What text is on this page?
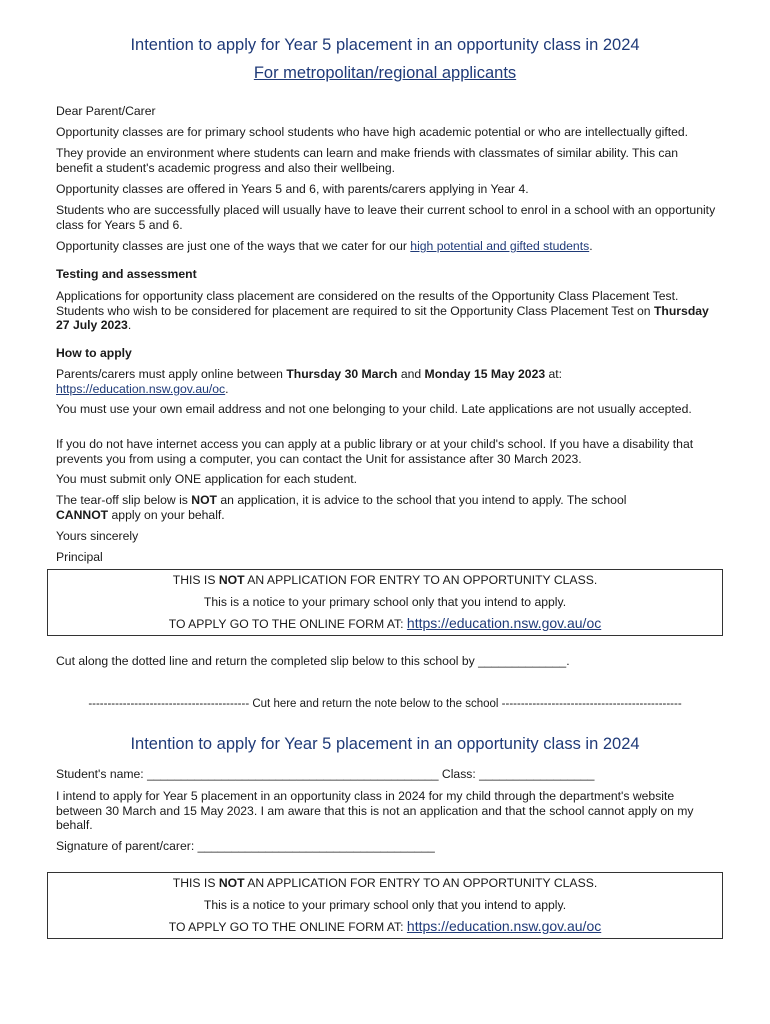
Intention to apply for Year 5 placement in an opportunity class in 2024
For metropolitan/regional applicants
Dear Parent/Carer
Opportunity classes are for primary school students who have high academic potential or who are intellectually gifted.
They provide an environment where students can learn and make friends with classmates of similar ability. This can benefit a student's academic progress and also their wellbeing.
Opportunity classes are offered in Years 5 and 6, with parents/carers applying in Year 4.
Students who are successfully placed will usually have to leave their current school to enrol in a school with an opportunity class for Years 5 and 6.
Opportunity classes are just one of the ways that we cater for our high potential and gifted students.
Testing and assessment
Applications for opportunity class placement are considered on the results of the Opportunity Class Placement Test. Students who wish to be considered for placement are required to sit the Opportunity Class Placement Test on Thursday 27 July 2023.
How to apply
Parents/carers must apply online between Thursday 30 March and Monday 15 May 2023 at:
https://education.nsw.gov.au/oc.
You must use your own email address and not one belonging to your child. Late applications are not usually accepted.
If you do not have internet access you can apply at a public library or at your child's school. If you have a disability that prevents you from using a computer, you can contact the Unit for assistance after 30 March 2023.
You must submit only ONE application for each student.
The tear-off slip below is NOT an application, it is advice to the school that you intend to apply. The school
CANNOT apply on your behalf.
Yours sincerely
Principal
THIS IS NOT AN APPLICATION FOR ENTRY TO AN OPPORTUNITY CLASS.
This is a notice to your primary school only that you intend to apply.
TO APPLY GO TO THE ONLINE FORM AT: https://education.nsw.gov.au/oc
Cut along the dotted line and return the completed slip below to this school by _____________.
------------------------------------------ Cut here and return the note below to the school -----------------------------------------------
Intention to apply for Year 5 placement in an opportunity class in 2024
Student's name: ___________________________________________ Class: _________________
I intend to apply for Year 5 placement in an opportunity class in 2024 for my child through the department's website between 30 March and 15 May 2023. I am aware that this is not an application and that the school cannot apply on my behalf.
Signature of parent/carer: ___________________________________
THIS IS NOT AN APPLICATION FOR ENTRY TO AN OPPORTUNITY CLASS.
This is a notice to your primary school only that you intend to apply.
TO APPLY GO TO THE ONLINE FORM AT: https://education.nsw.gov.au/oc
